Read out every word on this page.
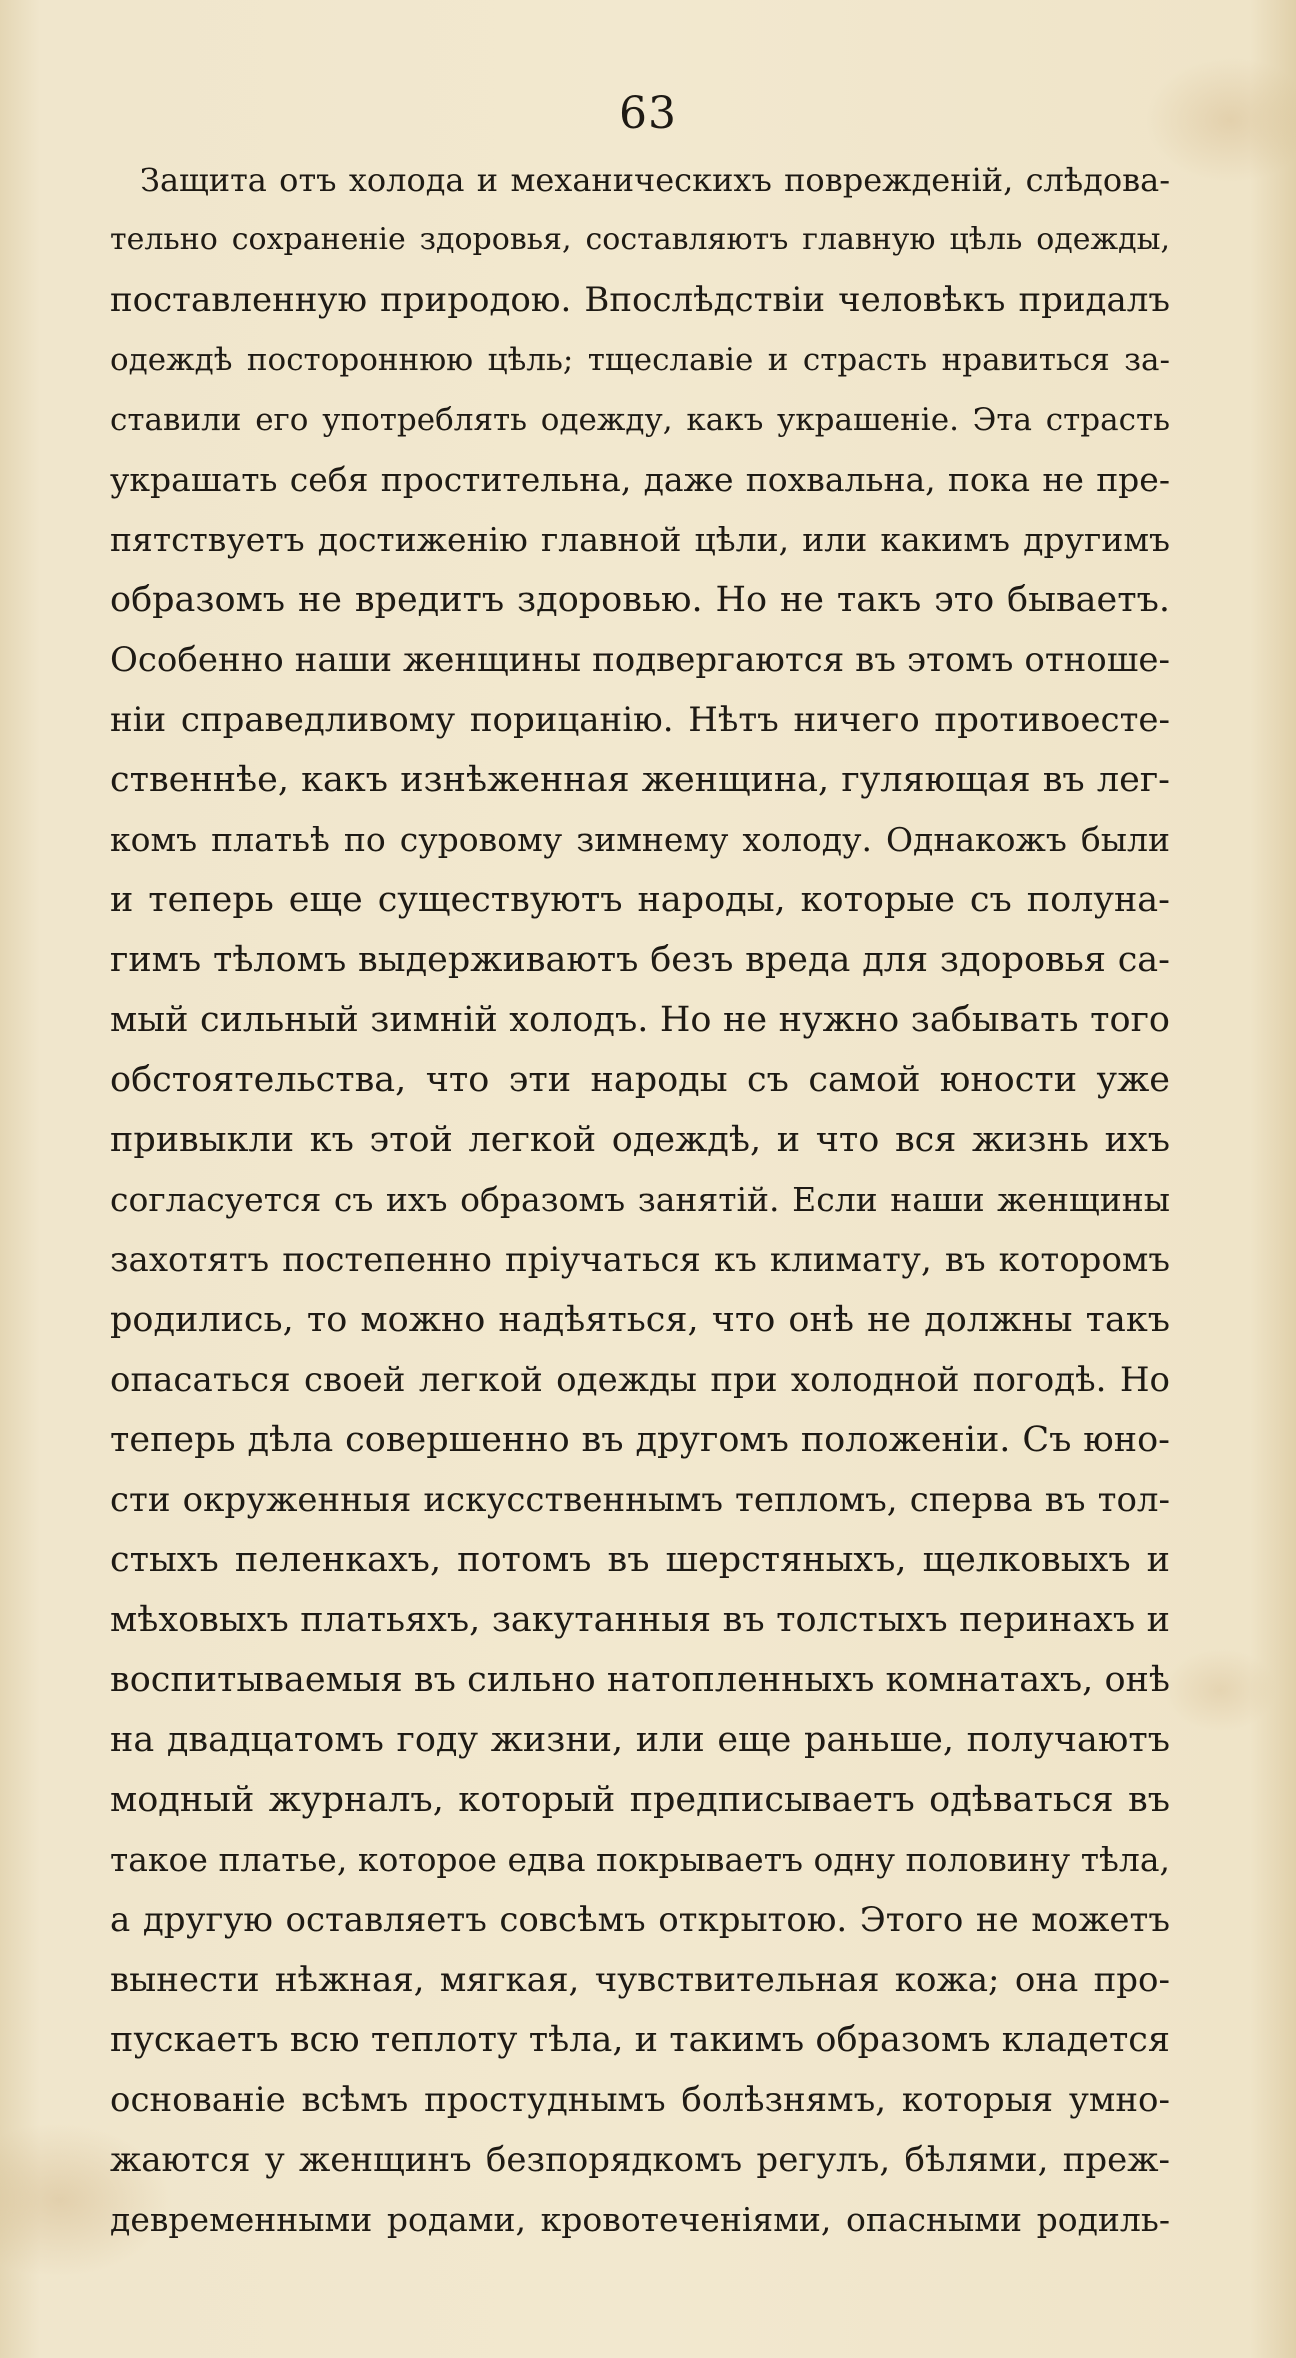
63
Защита отъ холода и механическихъ поврежденій, слѣдова-
тельно сохраненіе здоровья, составляютъ главную цѣль одежды,
поставленную природою. Впослѣдствіи человѣкъ придалъ
одеждѣ постороннюю цѣль; тщеславіе и страсть нравиться за-
ставили его употреблять одежду, какъ украшеніе. Эта страсть
украшать себя простительна, даже похвальна, пока не пре-
пятствуетъ достиженію главной цѣли, или какимъ другимъ
образомъ не вредитъ здоровью. Но не такъ это бываетъ.
Особенно наши женщины подвергаются въ этомъ отноше-
ніи справедливому порицанію. Нѣтъ ничего противоесте-
ственнѣе, какъ изнѣженная женщина, гуляющая въ лег-
комъ платьѣ по суровому зимнему холоду. Однакожъ были
и теперь еще существуютъ народы, которые съ полуна-
гимъ тѣломъ выдерживаютъ безъ вреда для здоровья са-
мый сильный зимній холодъ. Но не нужно забывать того
обстоятельства, что эти народы съ самой юности уже
привыкли къ этой легкой одеждѣ, и что вся жизнь ихъ
согласуется съ ихъ образомъ занятій. Если наши женщины
захотятъ постепенно пріучаться къ климату, въ которомъ
родились, то можно надѣяться, что онѣ не должны такъ
опасаться своей легкой одежды при холодной погодѣ. Но
теперь дѣла совершенно въ другомъ положеніи. Съ юно-
сти окруженныя искусственнымъ тепломъ, сперва въ тол-
стыхъ пеленкахъ, потомъ въ шерстяныхъ, щелковыхъ и
мѣховыхъ платьяхъ, закутанныя въ толстыхъ перинахъ и
воспитываемыя въ сильно натопленныхъ комнатахъ, онѣ
на двадцатомъ году жизни, или еще раньше, получаютъ
модный журналъ, который предписываетъ одѣваться въ
такое платье, которое едва покрываетъ одну половину тѣла,
а другую оставляетъ совсѣмъ открытою. Этого не можетъ
вынести нѣжная, мягкая, чувствительная кожа; она про-
пускаетъ всю теплоту тѣла, и такимъ образомъ кладется
основаніе всѣмъ простуднымъ болѣзнямъ, которыя умно-
жаются у женщинъ безпорядкомъ регулъ, бѣлями, преж-
девременными родами, кровотеченіями, опасными родиль-
